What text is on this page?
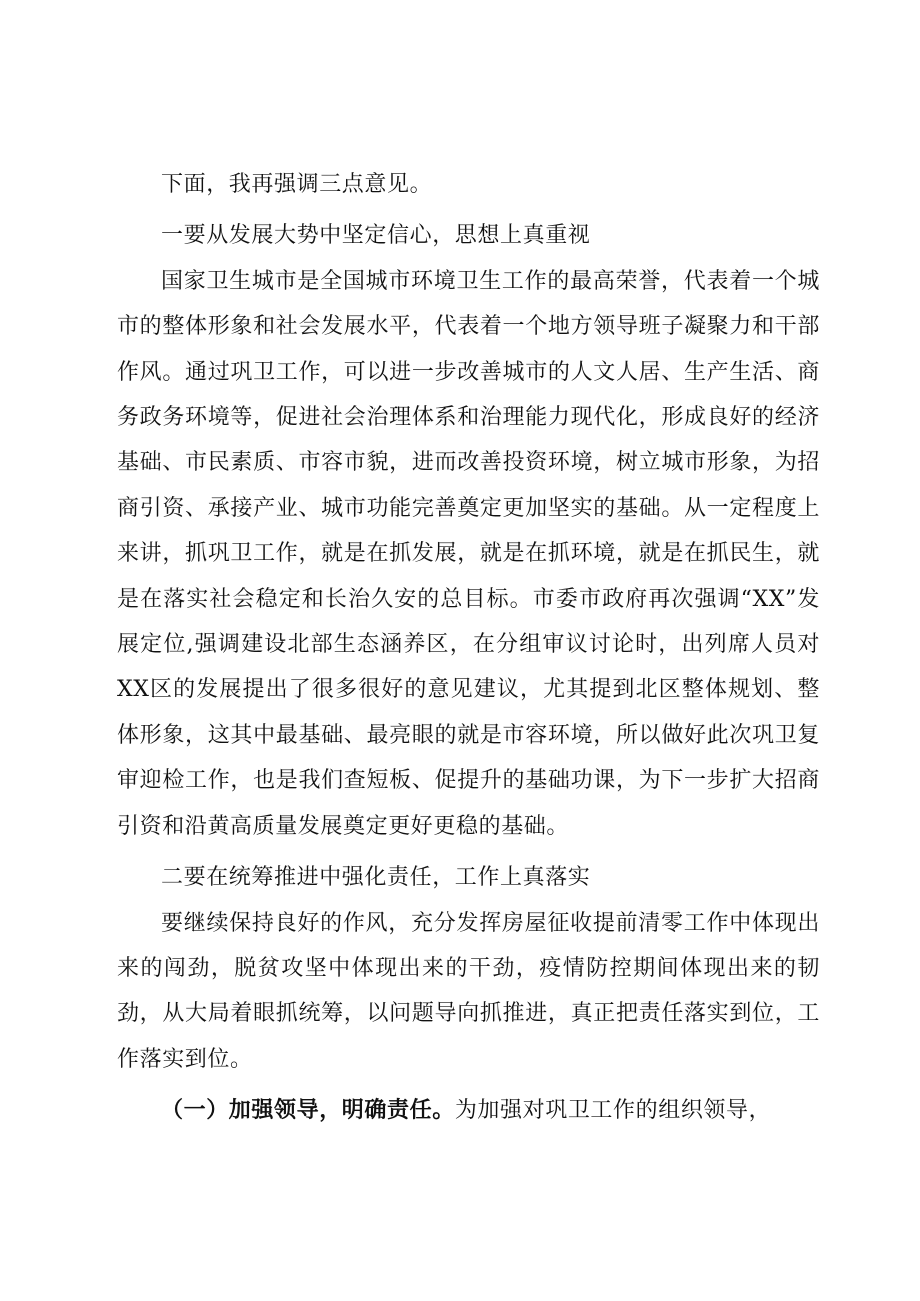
下面，我再强调三点意见。

一要从发展大势中坚定信心，思想上真重视

国家卫生城市是全国城市环境卫生工作的最高荣誉，代表着一个城市的整体形象和社会发展水平，代表着一个地方领导班子凝聚力和干部作风。通过巩卫工作，可以进一步改善城市的人文人居、生产生活、商务政务环境等，促进社会治理体系和治理能力现代化，形成良好的经济基础、市民素质、市容市貌，进而改善投资环境，树立城市形象，为招商引资、承接产业、城市功能完善奠定更加坚实的基础。从一定程度上来讲，抓巩卫工作，就是在抓发展，就是在抓环境，就是在抓民生，就是在落实社会稳定和长治久安的总目标。市委市政府再次强调“XX”发展定位,强调建设北部生态涵养区，在分组审议讨论时，出列席人员对XX区的发展提出了很多很好的意见建议，尤其提到北区整体规划、整体形象，这其中最基础、最亮眼的就是市容环境，所以做好此次巩卫复审迎检工作，也是我们查短板、促提升的基础功课，为下一步扩大招商引资和沿黄高质量发展奠定更好更稳的基础。

二要在统筹推进中强化责任，工作上真落实

要继续保持良好的作风，充分发挥房屋征收提前清零工作中体现出来的闯劲，脱贫攻坚中体现出来的干劲，疫情防控期间体现出来的韧劲，从大局着眼抓统筹，以问题导向抓推进，真正把责任落实到位，工作落实到位。

（一）加强领导，明确责任。为加强对巩卫工作的组织领导，
